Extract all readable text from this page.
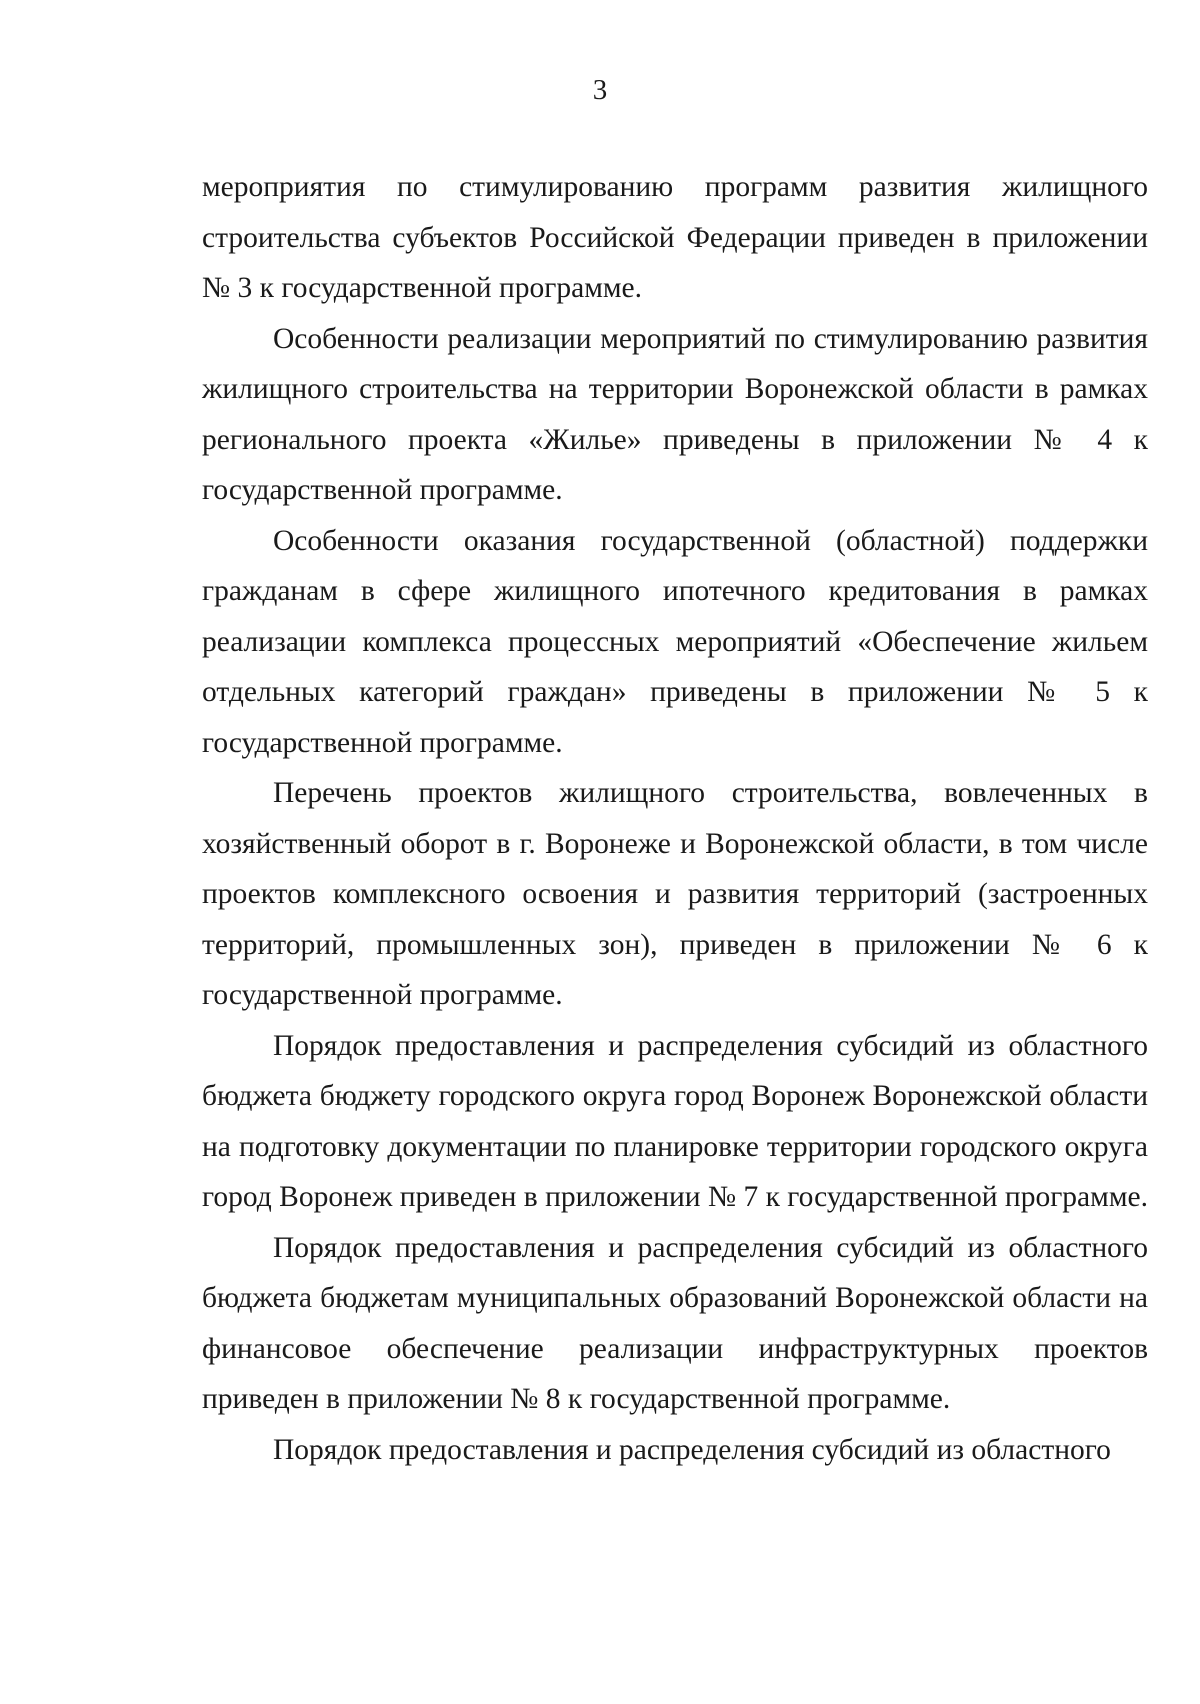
3

мероприятия по стимулированию программ развития жилищного строительства субъектов Российской Федерации приведен в приложении № 3 к государственной программе.

Особенности реализации мероприятий по стимулированию развития жилищного строительства на территории Воронежской области в рамках регионального проекта «Жилье» приведены в приложении № 4 к государственной программе.

Особенности оказания государственной (областной) поддержки гражданам в сфере жилищного ипотечного кредитования в рамках реализации комплекса процессных мероприятий «Обеспечение жильем отдельных категорий граждан» приведены в приложении № 5 к государственной программе.

Перечень проектов жилищного строительства, вовлеченных в хозяйственный оборот в г. Воронеже и Воронежской области, в том числе проектов комплексного освоения и развития территорий (застроенных территорий, промышленных зон), приведен в приложении № 6 к государственной программе.

Порядок предоставления и распределения субсидий из областного бюджета бюджету городского округа город Воронеж Воронежской области на подготовку документации по планировке территории городского округа город Воронеж приведен в приложении № 7 к государственной программе.

Порядок предоставления и распределения субсидий из областного бюджета бюджетам муниципальных образований Воронежской области на финансовое обеспечение реализации инфраструктурных проектов приведен в приложении № 8 к государственной программе.

Порядок предоставления и распределения субсидий из областного
